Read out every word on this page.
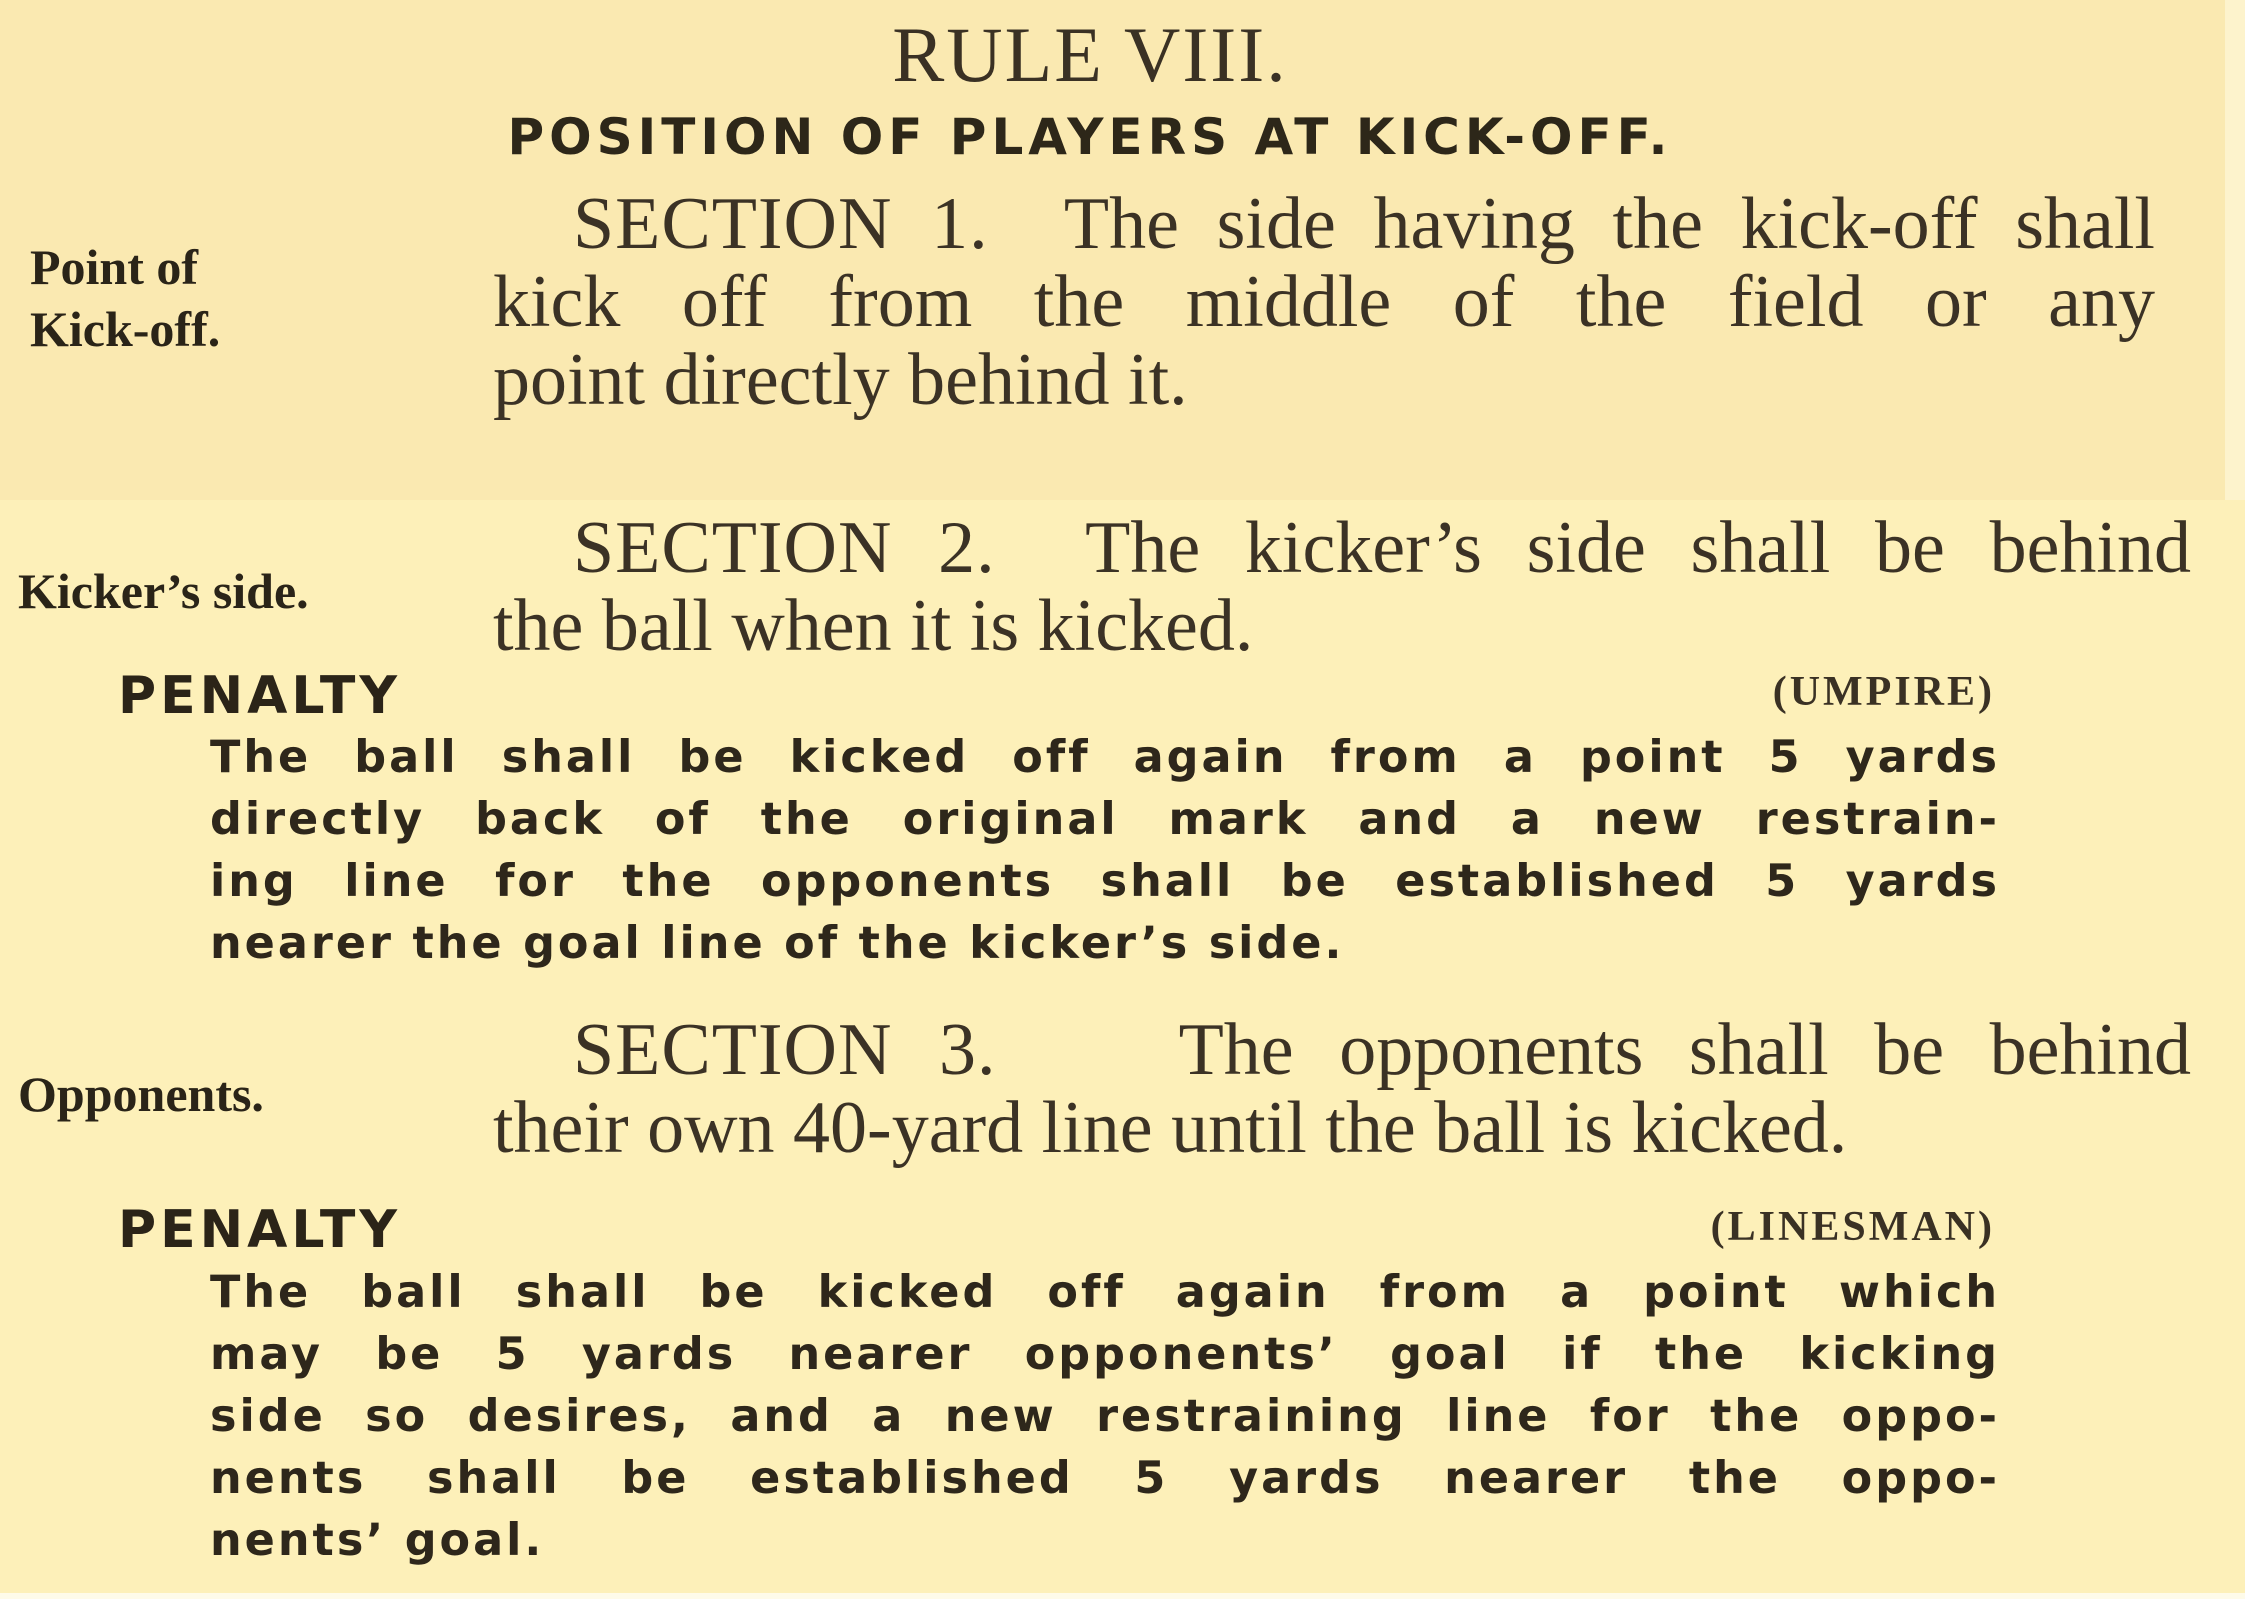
RULE VIII.
POSITION OF PLAYERS AT KICK-OFF.
Point of
Kick-off.
SECTION 1. The side having the kick-off shall
kick off from the middle of the field or any
point directly behind it.
Kicker’s side.
SECTION 2. The kicker’s side shall be behind
the ball when it is kicked.
PENALTY	(UMPIRE)
The ball shall be kicked off again from a point 5 yards
directly back of the original mark and a new restrain-
ing line for the opponents shall be established 5 yards
nearer the goal line of the kicker’s side.
Opponents.
SECTION 3. The opponents shall be behind
their own 40-yard line until the ball is kicked.
PENALTY	(LINESMAN)
The ball shall be kicked off again from a point which
may be 5 yards nearer opponents’ goal if the kicking
side so desires, and a new restraining line for the oppo-
nents shall be established 5 yards nearer the oppo-
nents’ goal.
